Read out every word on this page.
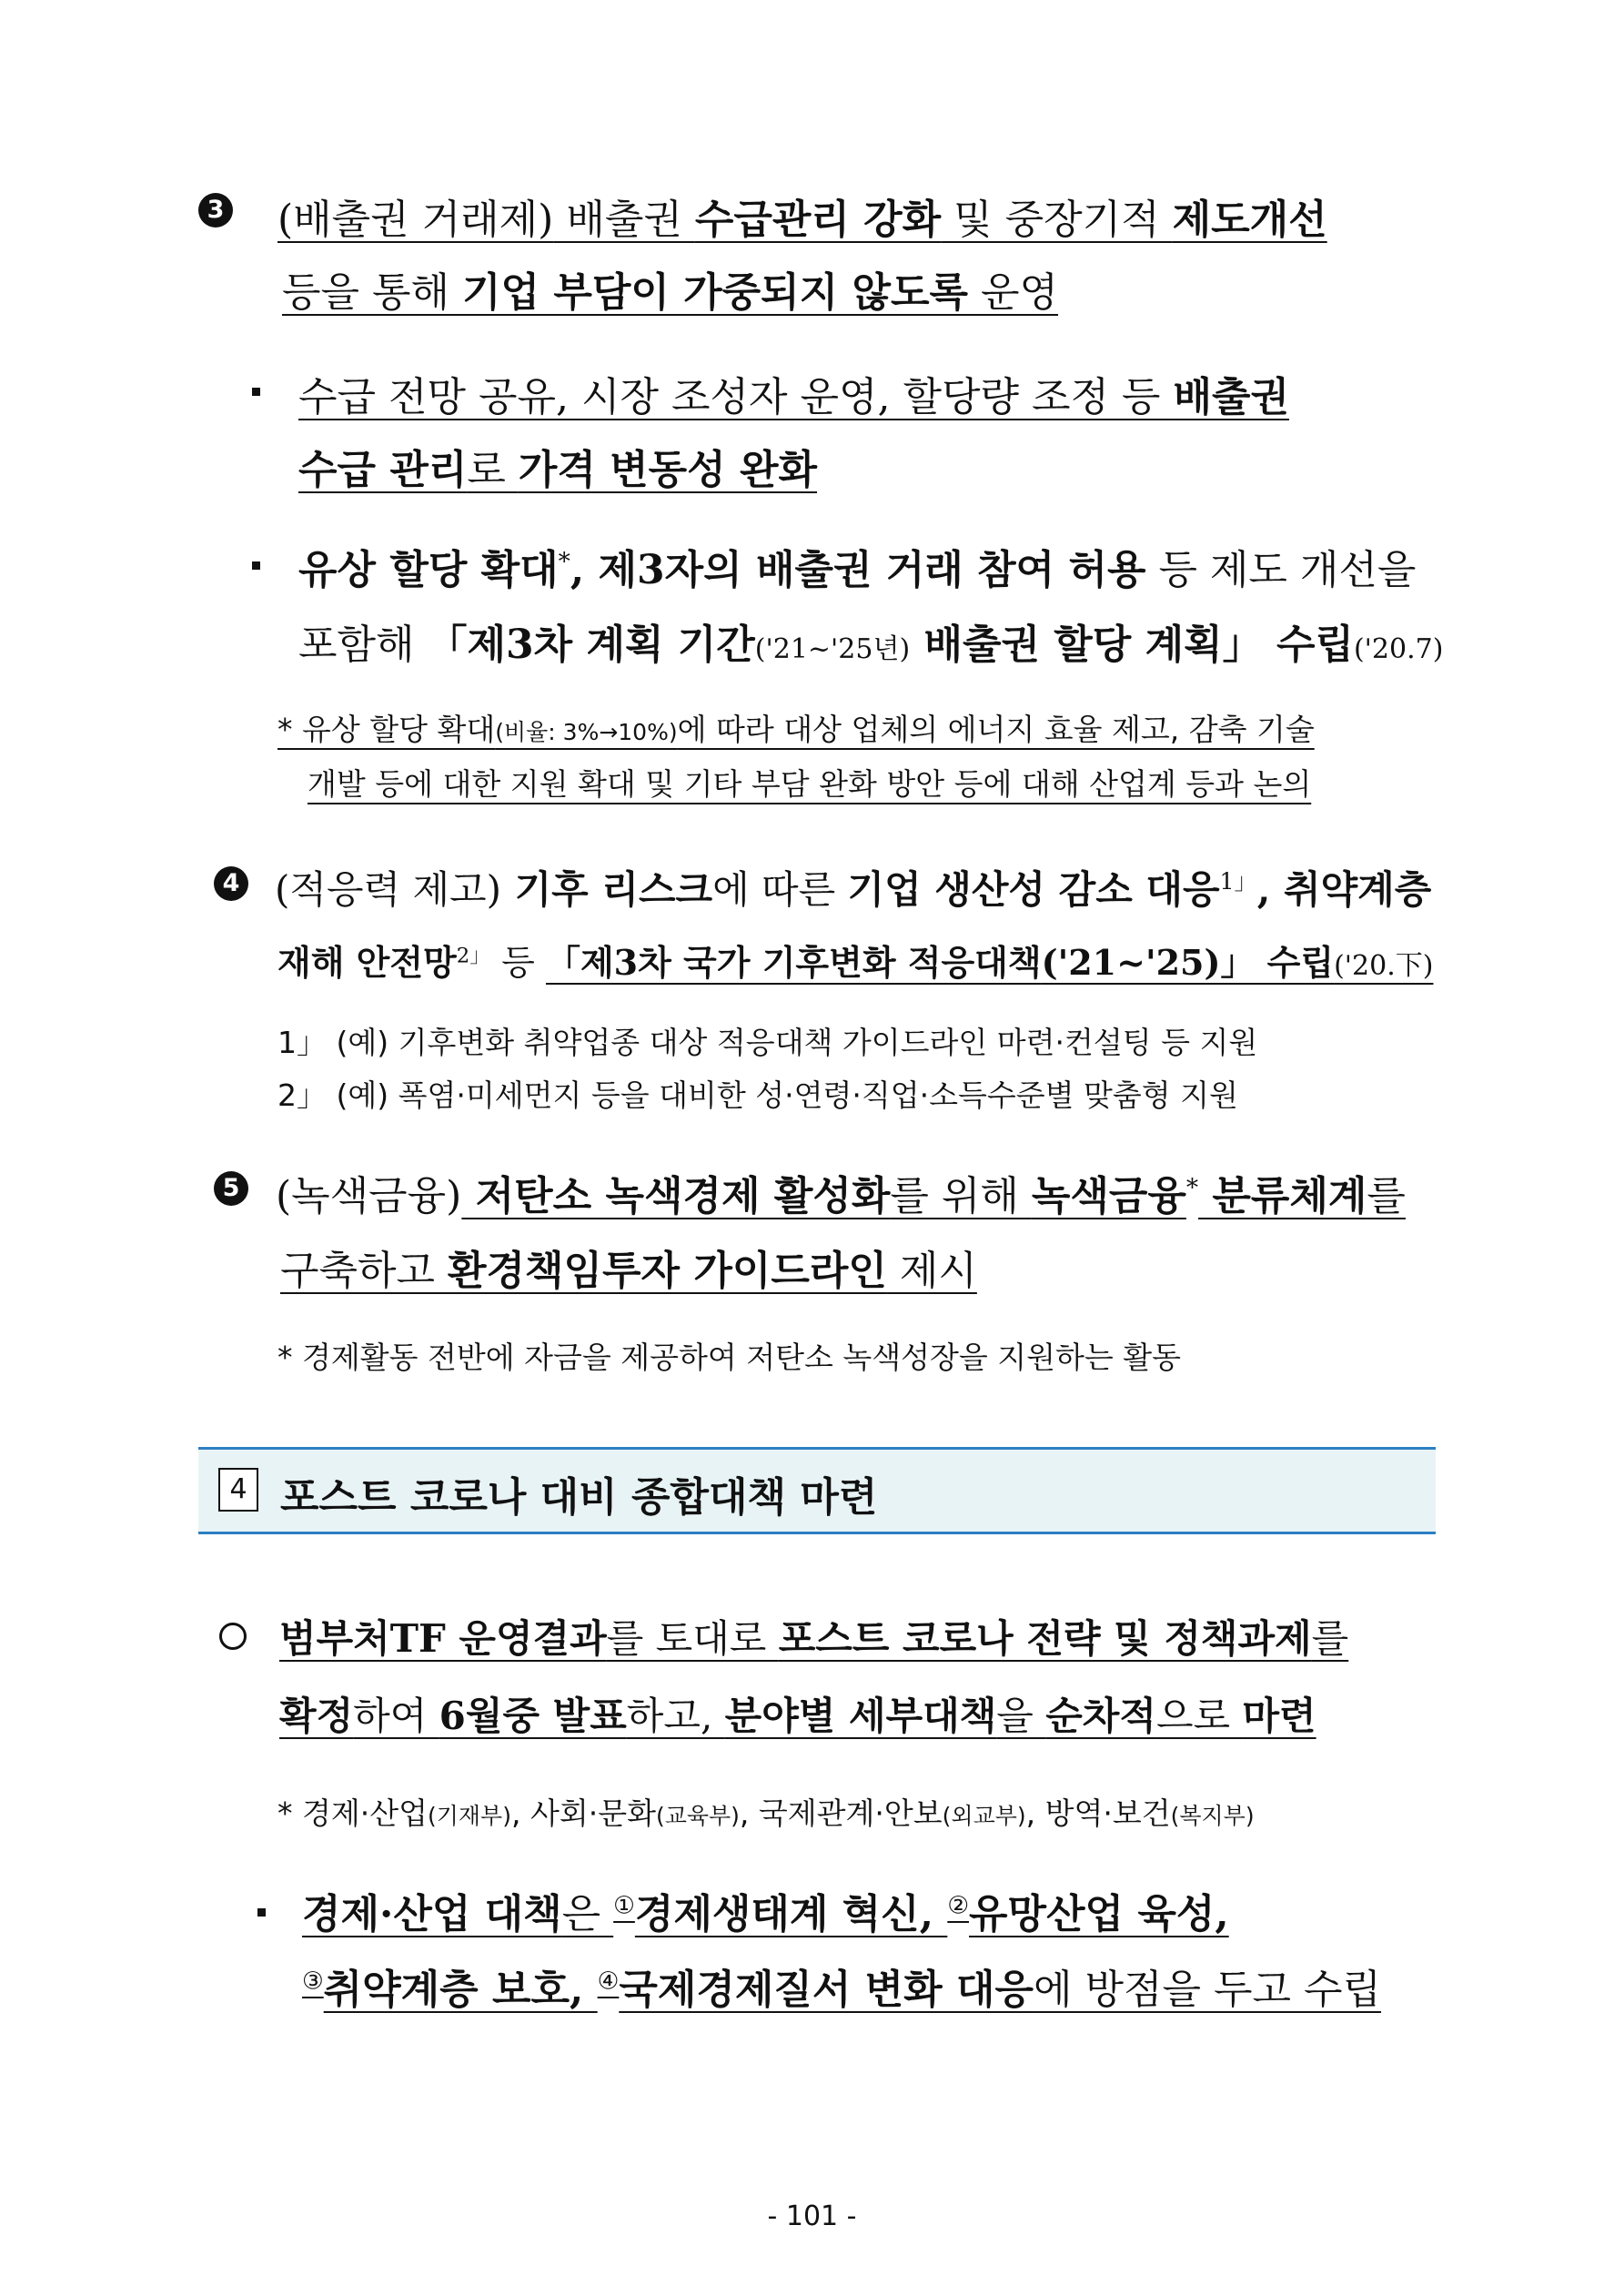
3 (배출권 거래제) 배출권 수급관리 강화 및 중장기적 제도개선
등을 통해 기업 부담이 가중되지 않도록 운영
수급 전망 공유, 시장 조성자 운영, 할당량 조정 등 배출권
수급 관리로 가격 변동성 완화
유상 할당 확대*, 제3자의 배출권 거래 참여 허용 등 제도 개선을
포함해 「제3차 계획 기간('21~'25년) 배출권 할당 계획」 수립('20.7)
* 유상 할당 확대(비율: 3%→10%)에 따라 대상 업체의 에너지 효율 제고, 감축 기술
개발 등에 대한 지원 확대 및 기타 부담 완화 방안 등에 대해 산업계 등과 논의
4 (적응력 제고) 기후 리스크에 따른 기업 생산성 감소 대응$^{1」}$, 취약계층
재해 안전망$^{2」}$ 등 「제3차 국가 기후변화 적응대책('21~'25)」 수립('20.下)
1」 (예) 기후변화 취약업종 대상 적응대책 가이드라인 마련·컨설팅 등 지원
2」 (예) 폭염·미세먼지 등을 대비한 성·연령·직업·소득수준별 맞춤형 지원
5 (녹색금융) 저탄소 녹색경제 활성화를 위해 녹색금융* 분류체계를
구축하고 환경책임투자 가이드라인 제시
* 경제활동 전반에 자금을 제공하여 저탄소 녹색성장을 지원하는 활동
4 포스트 코로나 대비 종합대책 마련
범부처TF 운영결과를 토대로 포스트 코로나 전략 및 정책과제를
확정하여 6월중 발표하고, 분야별 세부대책을 순차적으로 마련
* 경제·산업(기재부), 사회·문화(교육부), 국제관계·안보(외교부), 방역·보건(복지부)
경제·산업 대책은 ①경제생태계 혁신, ②유망산업 육성,
③취약계층 보호, ④국제경제질서 변화 대응에 방점을 두고 수립
- 101 -
